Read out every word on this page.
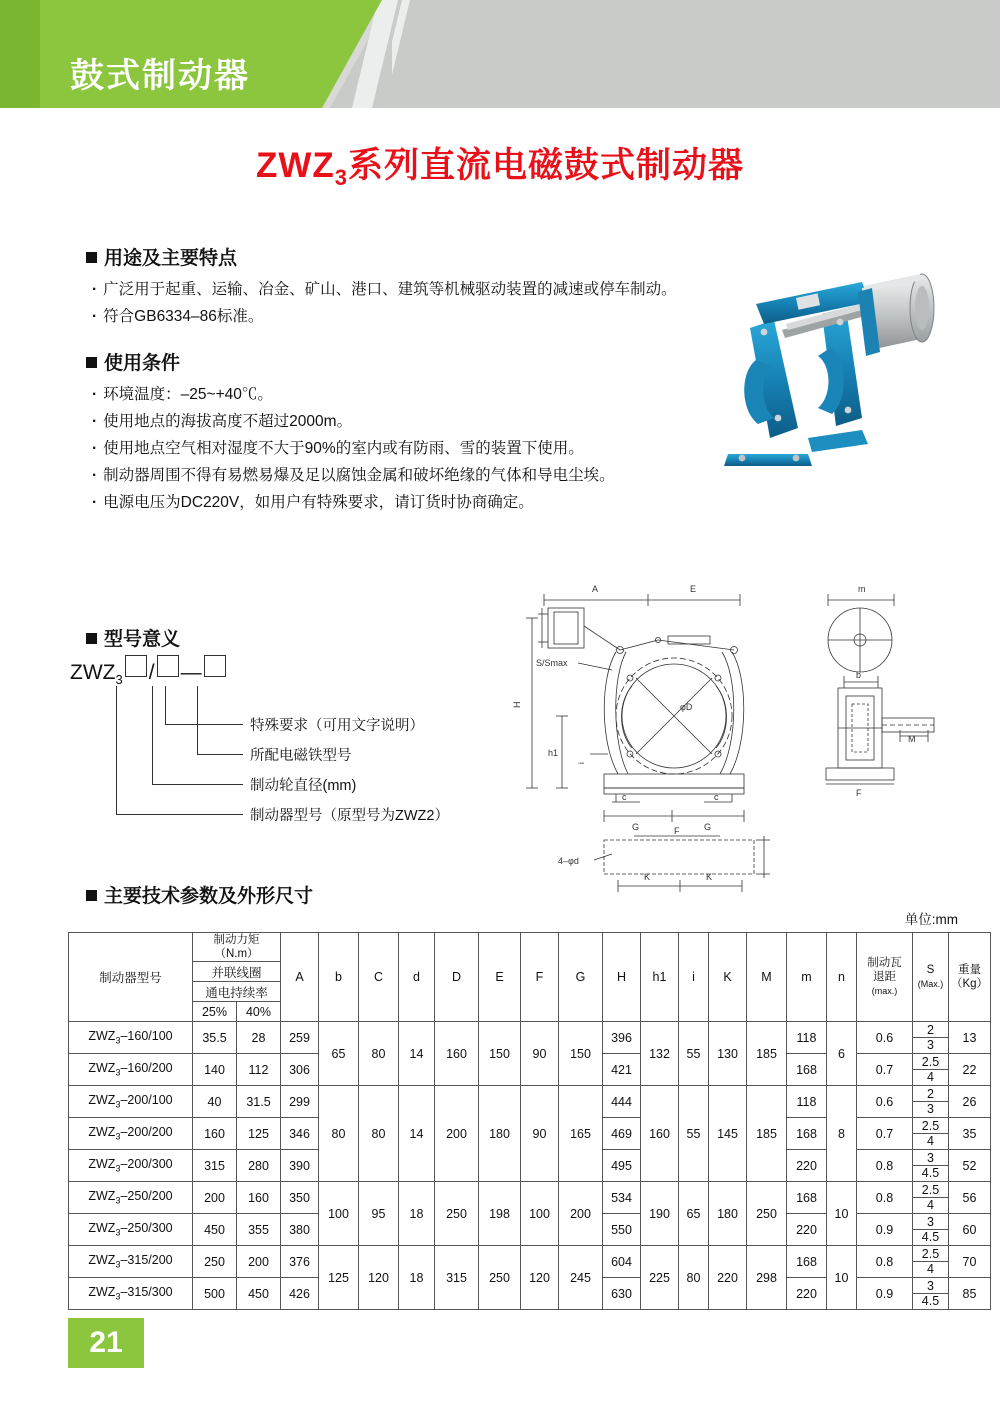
鼓式制动器
$ZWZ_3$系列直流电磁鼓式制动器
用途及主要特点
· 广泛用于起重、运输、冶金、矿山、港口、建筑等机械驱动装置的减速或停车制动。
· 符合GB6334–86标准。
使用条件
· 环境温度：–25~+40℃。
· 使用地点的海拔高度不超过2000m。
· 使用地点空气相对湿度不大于90%的室内或有防雨、雪的装置下使用。
· 制动器周围不得有易燃易爆及足以腐蚀金属和破坏绝缘的气体和导电尘埃。
· 电源电压为DC220V，如用户有特殊要求，请订货时协商确定。
型号意义
$ZWZ_3$ / —
特殊要求（可用文字说明）
所配电磁铁型号
制动轮直径(mm)
制动器型号（原型号为ZWZ2）
A	E
φD
S/Smax
H
h1
i
c	c
G	G
4–φd
K	K
F
m
b
M
F
主要技术参数及外形尺寸
单位:mm
制动器型号	制动力矩
（N.m）		A	b	C	d	D	E	F	G	H	h1	i	K	M	m	n	制动瓦
退距
(max.)	S
(Max.)	重量
（Kg）
	并联线圈																			
	通电持续率																			
	25%	40%																		
$ZWZ_3-160/100$	35.5	28	259	65	80	14	160	150	90	150	396	132	55	130	185	118	6	0.6	2
3	13
$ZWZ_3-160/200$	140	112	306								421					168		0.7	2.5
4	22
$ZWZ_3-200/100$	40	31.5	299	80	80	14	200	180	90	165	444	160	55	145	185	118	8	0.6	2
3	26
$ZWZ_3-200/200$	160	125	346								469					168		0.7	2.5
4	35
$ZWZ_3-200/300$	315	280	390								495					220		0.8	3
4.5	52
$ZWZ_3-250/200$	200	160	350	100	95	18	250	198	100	200	534	190	65	180	250	168	10	0.8	2.5
4	56
$ZWZ_3-250/300$	450	355	380								550					220		0.9	3
4.5	60
$ZWZ_3-315/200$	250	200	376	125	120	18	315	250	120	245	604	225	80	220	298	168	10	0.8	2.5
4	70
$ZWZ_3-315/300$	500	450	426								630					220		0.9	3
4.5	85
21
